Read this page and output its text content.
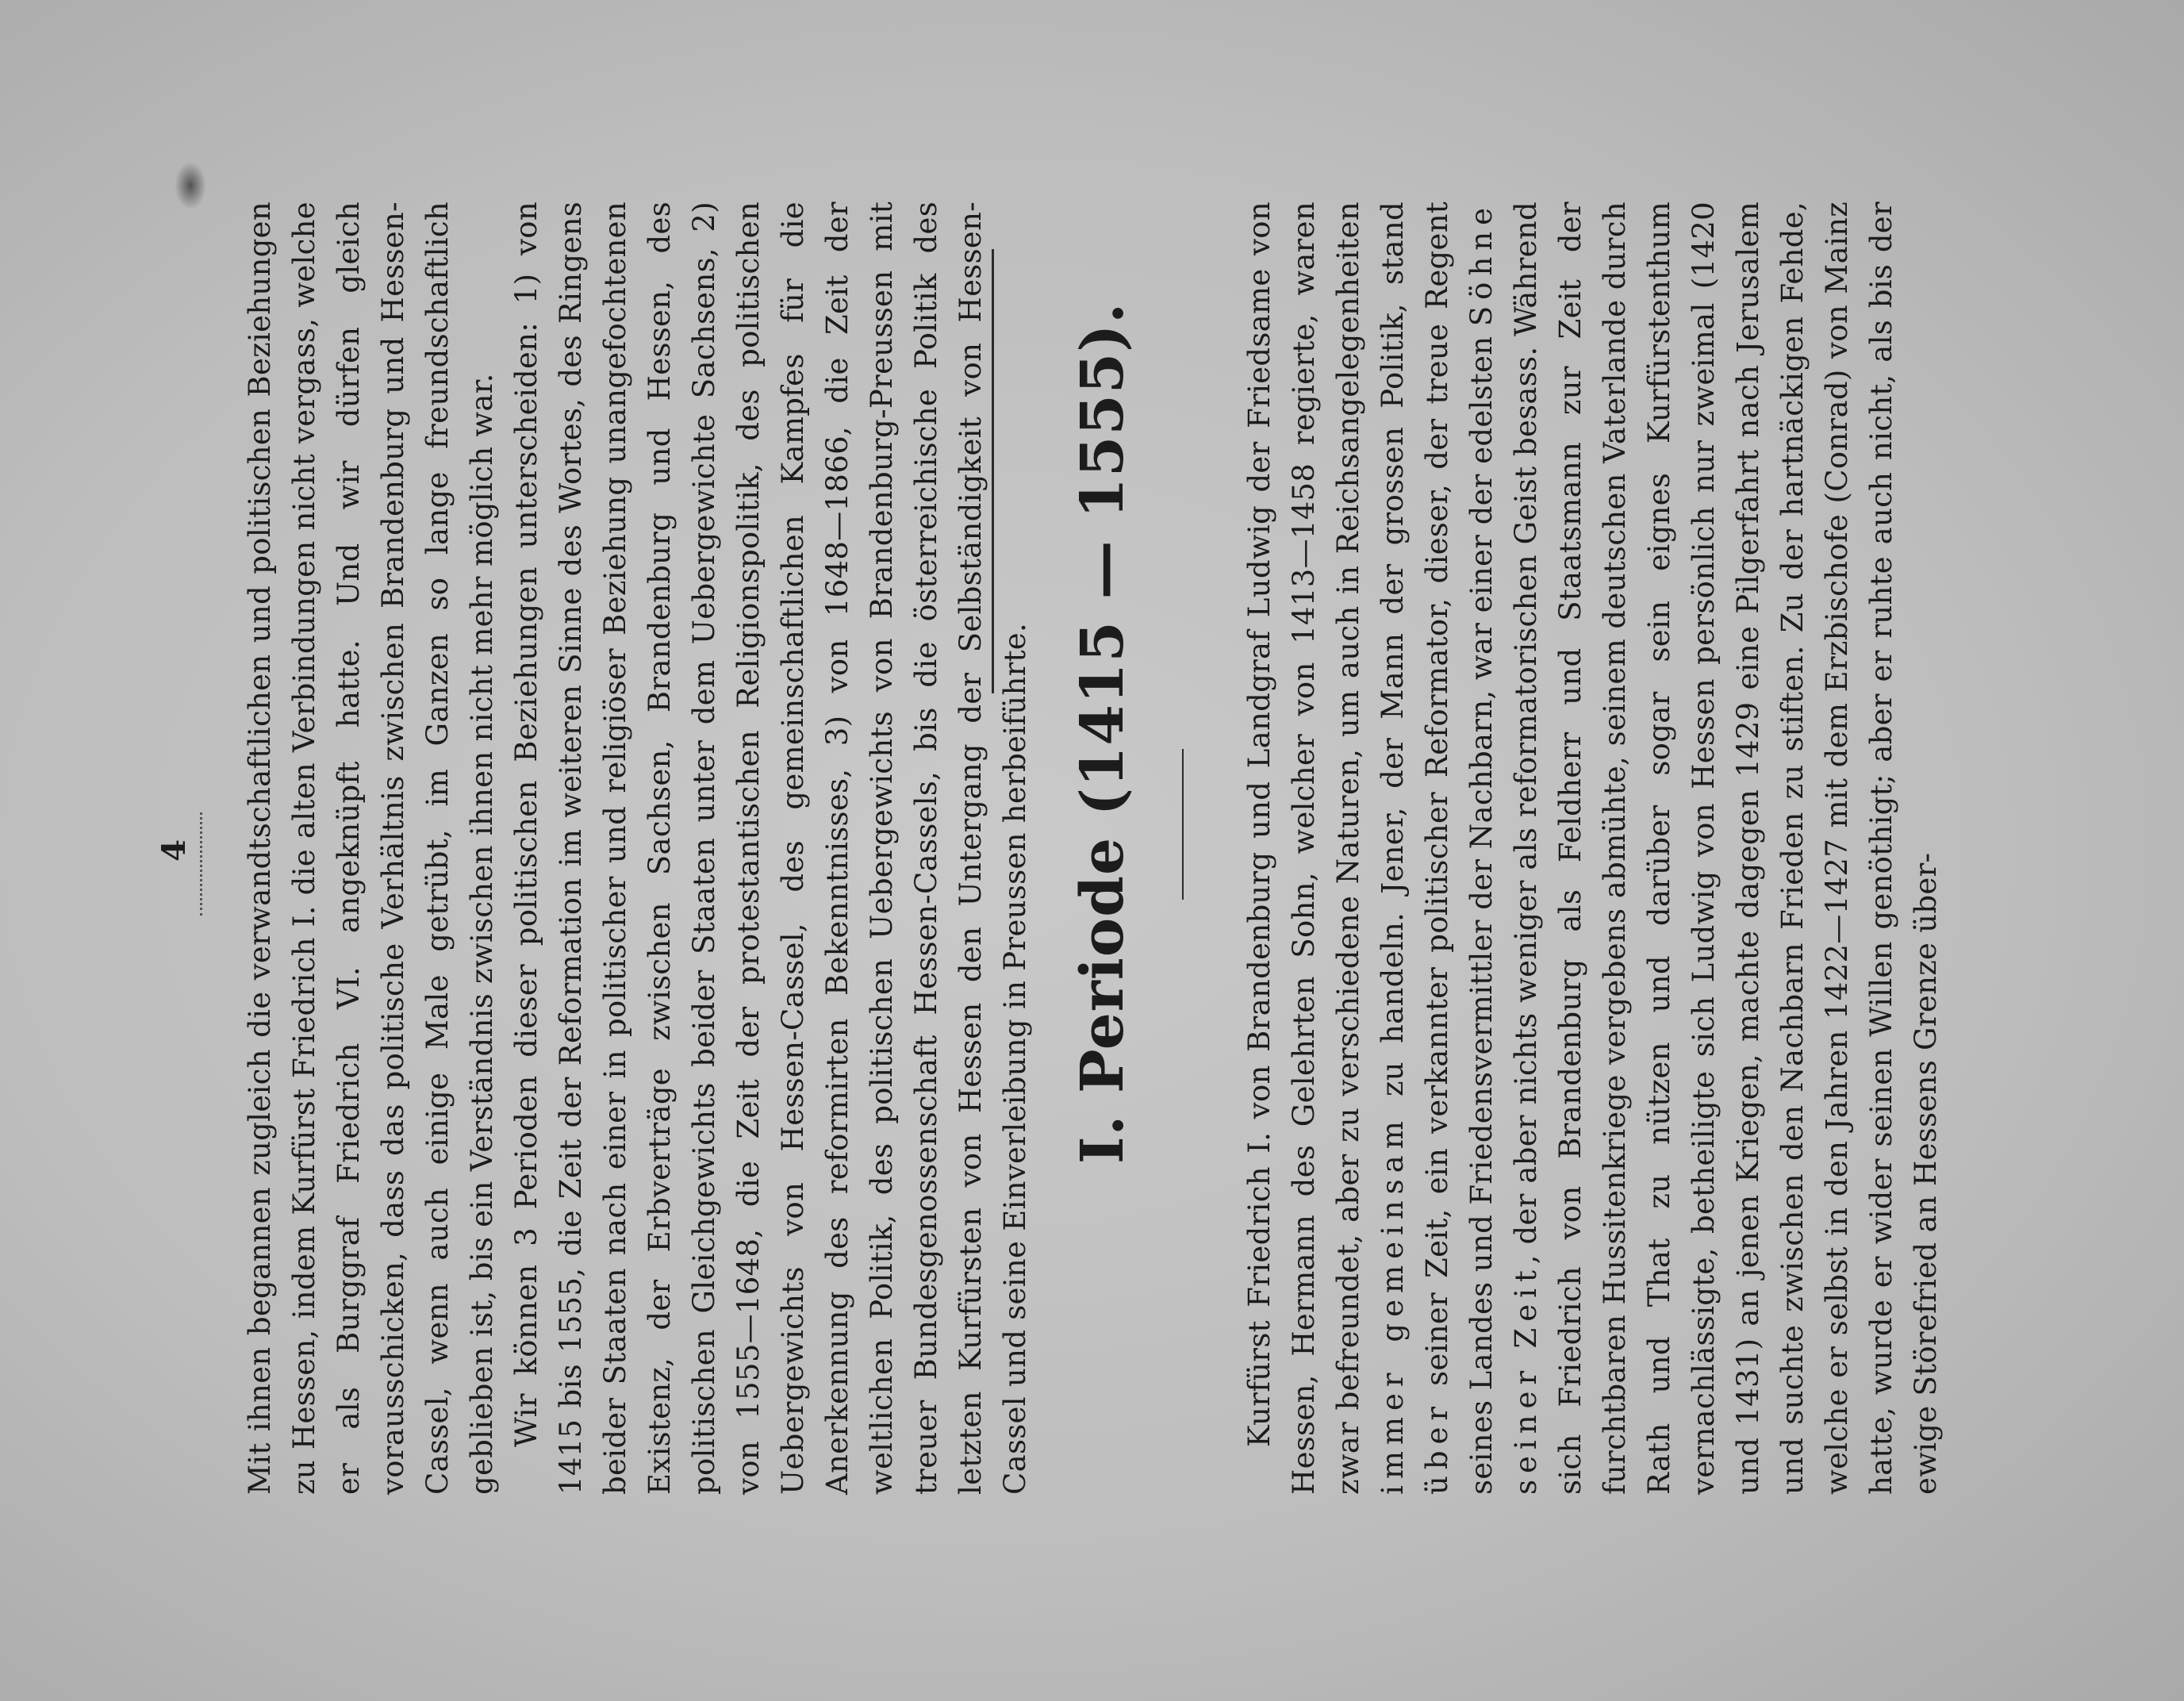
4 Mit ihnen begannen zugleich die verwandtschaftlichen und politischen Beziehungen zu Hessen, indem Kurfürst Friedrich I. die alten Verbindungen nicht vergass, welche er als Burggraf Friedrich VI. angeknüpft hatte. Und wir dürfen gleich vorausschicken, dass das politische Verhältnis zwischen Brandenburg und Hessen-Cassel, wenn auch einige Male getrübt, im Ganzen so lange freundschaftlich geblieben ist, bis ein Verständnis zwischen ihnen nicht mehr möglich war. Wir können 3 Perioden dieser politischen Beziehungen unterscheiden: 1) von 1415 bis 1555, die Zeit der Reformation im weiteren Sinne des Wortes, des Ringens beider Staaten nach einer in politischer und religiöser Beziehung unangefochtenen Existenz, der Erbverträge zwischen Sachsen, Brandenburg und Hessen, des politischen Gleichgewichts beider Staaten unter dem Uebergewichte Sachsens, 2) von 1555—1648, die Zeit der protestantischen Religionspolitik, des politischen Uebergewichts von Hessen-Cassel, des gemeinschaftlichen Kampfes für die Anerkennung des reformirten Bekenntnisses, 3) von 1648—1866, die Zeit der weltlichen Politik, des politischen Uebergewichts von Brandenburg-Preussen mit treuer Bundesgenossenschaft Hessen-Cassels, bis die österreichische Politik des letzten Kurfürsten von Hessen den Untergang der Selbständigkeit von Hessen-Cassel und seine Einverleibung in Preussen herbeiführte. I. Periode (1415 — 1555).	Kurfürst Friedrich I. von Brandenburg und Landgraf Ludwig der Friedsame von Hessen, Hermann des Gelehrten Sohn, welcher von 1413—1458 regierte, waren zwar befreundet, aber zu verschiedene Naturen, um auch in Reichsangelegenheiten immer gemeinsam zu handeln. Jener, der Mann der grossen Politik, stand über seiner Zeit, ein verkannter politischer Reformator, dieser, der treue Regent seines Landes und Friedensvermittler der Nachbarn, war einer der edelsten Söhne seiner Zeit, der aber nichts weniger als reformatorischen Geist besass. Während sich Friedrich von Brandenburg als Feldherr und Staatsmann zur Zeit der furchtbaren Hussitenkriege vergebens abmühte, seinem deutschen Vaterlande durch Rath und That zu nützen und darüber sogar sein eignes Kurfürstenthum vernachlässigte, betheiligte sich Ludwig von Hessen persönlich nur zweimal (1420 und 1431) an jenen Kriegen, machte dagegen 1429 eine Pilgerfahrt nach Jerusalem und suchte zwischen den Nachbarn Frieden zu stiften. Zu der hartnäckigen Fehde, welche er selbst in den Jahren 1422—1427 mit dem Erzbischofe (Conrad) von Mainz hatte, wurde er wider seinen Willen genöthigt; aber er ruhte auch nicht, als bis der ewige Störefried an Hessens Grenze über-
